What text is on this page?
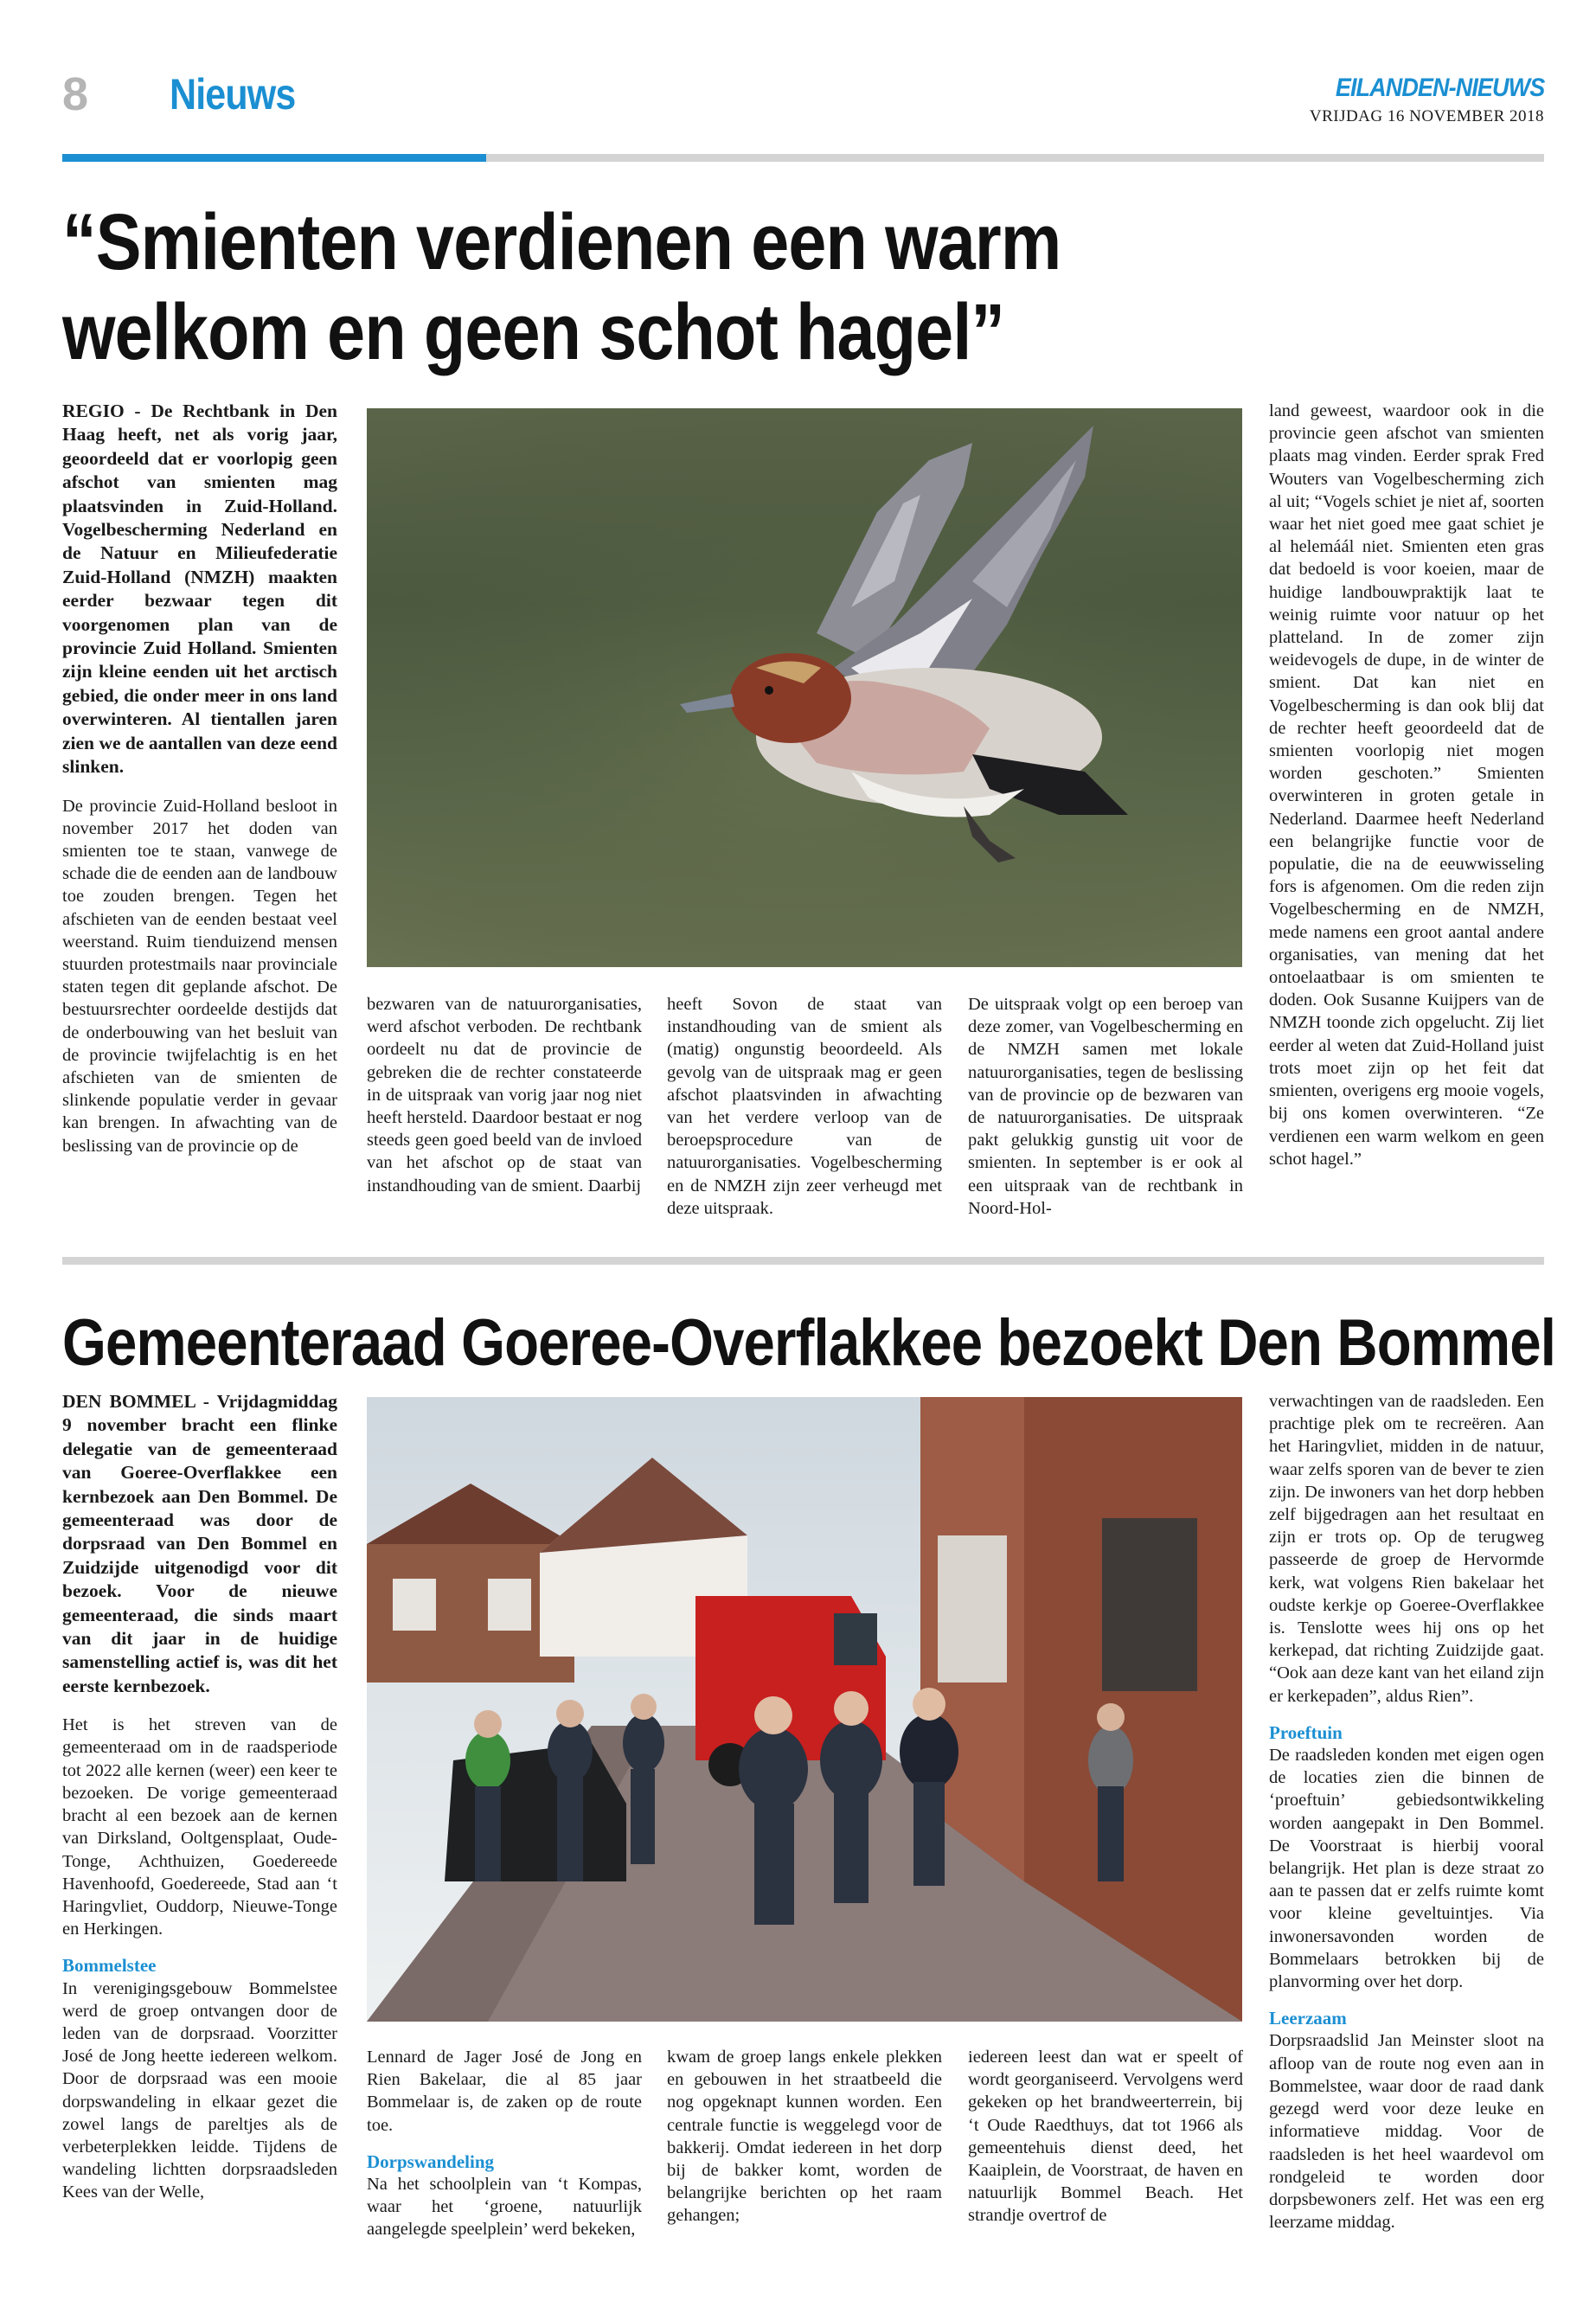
8 Nieuws	EILANDEN-NIEUWS
VRIJDAG 16 NOVEMBER 2018
“Smienten verdienen een warm
welkom en geen schot hagel”

REGIO - De Rechtbank in Den Haag heeft, net als vorig jaar, geoordeeld dat er voorlopig geen afschot van smienten mag plaatsvinden in Zuid-Holland. Vogelbescherming Nederland en de Natuur en Milieufederatie Zuid-Holland (NMZH) maakten eerder bezwaar tegen dit voorgenomen plan van de provincie Zuid Holland. Smienten zijn kleine eenden uit het arctisch gebied, die onder meer in ons land overwinteren. Al tientallen jaren zien we de aantallen van deze eend slinken.

De provincie Zuid-Holland besloot in november 2017 het doden van smienten toe te staan, vanwege de schade die de eenden aan de landbouw toe zouden brengen. Tegen het afschieten van de eenden bestaat veel weerstand. Ruim tienduizend mensen stuurden protestmails naar provinciale staten tegen dit geplande afschot. De bestuursrechter oordeelde destijds dat de onderbouwing van het besluit van de provincie twijfelachtig is en het afschieten van de smienten de slinkende populatie verder in gevaar kan brengen. In afwachting van de beslissing van de provincie op de

bezwaren van de natuurorganisaties, werd afschot verboden. De rechtbank oordeelt nu dat de provincie de gebreken die de rechter constateerde in de uitspraak van vorig jaar nog niet heeft hersteld. Daardoor bestaat er nog steeds geen goed beeld van de invloed van het afschot op de staat van instandhouding van de smient. Daarbij

heeft Sovon de staat van instandhouding van de smient als (matig) ongunstig beoordeeld. Als gevolg van de uitspraak mag er geen afschot plaatsvinden in afwachting van het verdere verloop van de beroepsprocedure van de natuurorganisaties. Vogelbescherming en de NMZH zijn zeer verheugd met deze uitspraak.

De uitspraak volgt op een beroep van deze zomer, van Vogelbescherming en de NMZH samen met lokale natuurorganisaties, tegen de beslissing van de provincie op de bezwaren van de natuurorganisaties. De uitspraak pakt gelukkig gunstig uit voor de smienten. In september is er ook al een uitspraak van de rechtbank in Noord-Hol-

land geweest, waardoor ook in die provincie geen afschot van smienten plaats mag vinden. Eerder sprak Fred Wouters van Vogelbescherming zich al uit; “Vogels schiet je niet af, soorten waar het niet goed mee gaat schiet je al helemáál niet. Smienten eten gras dat bedoeld is voor koeien, maar de huidige landbouwpraktijk laat te weinig ruimte voor natuur op het platteland. In de zomer zijn weidevogels de dupe, in de winter de smient. Dat kan niet en Vogelbescherming is dan ook blij dat de rechter heeft geoordeeld dat de smienten voorlopig niet mogen worden geschoten.” Smienten overwinteren in groten getale in Nederland. Daarmee heeft Nederland een belangrijke functie voor de populatie, die na de eeuwwisseling fors is afgenomen. Om die reden zijn Vogelbescherming en de NMZH, mede namens een groot aantal andere organisaties, van mening dat het ontoelaatbaar is om smienten te doden. Ook Susanne Kuijpers van de NMZH toonde zich opgelucht. Zij liet eerder al weten dat Zuid-Holland juist trots moet zijn op het feit dat smienten, overigens erg mooie vogels, bij ons komen overwinteren. “Ze verdienen een warm welkom en geen schot hagel.”

Gemeenteraad Goeree-Overflakkee bezoekt Den Bommel

DEN BOMMEL - Vrijdagmiddag 9 november bracht een flinke delegatie van de gemeenteraad van Goeree-Overflakkee een kernbezoek aan Den Bommel. De gemeenteraad was door de dorpsraad van Den Bommel en Zuidzijde uitgenodigd voor dit bezoek. Voor de nieuwe gemeenteraad, die sinds maart van dit jaar in de huidige samenstelling actief is, was dit het eerste kernbezoek.

Het is het streven van de gemeenteraad om in de raadsperiode tot 2022 alle kernen (weer) een keer te bezoeken. De vorige gemeenteraad bracht al een bezoek aan de kernen van Dirksland, Ooltgensplaat, Oude-Tonge, Achthuizen, Goedereede Havenhoofd, Goedereede, Stad aan ‘t Haringvliet, Ouddorp, Nieuwe-Tonge en Herkingen.

Bommelstee

In verenigingsgebouw Bommelstee werd de groep ontvangen door de leden van de dorpsraad. Voorzitter José de Jong heette iedereen welkom. Door de dorpsraad was een mooie dorpswandeling in elkaar gezet die zowel langs de pareltjes als de verbeterplekken leidde. Tijdens de wandeling lichtten dorpsraadsleden Kees van der Welle,

Lennard de Jager José de Jong en Rien Bakelaar, die al 85 jaar Bommelaar is, de zaken op de route toe.

Dorpswandeling

Na het schoolplein van ‘t Kompas, waar het ‘groene, natuurlijk aangelegde speelplein’ werd bekeken,

kwam de groep langs enkele plekken en gebouwen in het straatbeeld die nog opgeknapt kunnen worden. Een centrale functie is weggelegd voor de bakkerij. Omdat iedereen in het dorp bij de bakker komt, worden de belangrijke berichten op het raam gehangen;

iedereen leest dan wat er speelt of wordt georganiseerd. Vervolgens werd gekeken op het brandweerterrein, bij ‘t Oude Raedthuys, dat tot 1966 als gemeentehuis dienst deed, het Kaaiplein, de Voorstraat, de haven en natuurlijk Bommel Beach. Het strandje overtrof de

verwachtingen van de raadsleden. Een prachtige plek om te recreëren. Aan het Haringvliet, midden in de natuur, waar zelfs sporen van de bever te zien zijn. De inwoners van het dorp hebben zelf bijgedragen aan het resultaat en zijn er trots op. Op de terugweg passeerde de groep de Hervormde kerk, wat volgens Rien bakelaar het oudste kerkje op Goeree-Overflakkee is. Tenslotte wees hij ons op het kerkepad, dat richting Zuidzijde gaat. “Ook aan deze kant van het eiland zijn er kerkepaden”, aldus Rien”.

Proeftuin

De raadsleden konden met eigen ogen de locaties zien die binnen de ‘proeftuin’ gebiedsontwikkeling worden aangepakt in Den Bommel. De Voorstraat is hierbij vooral belangrijk. Het plan is deze straat zo aan te passen dat er zelfs ruimte komt voor kleine geveltuintjes. Via inwonersavonden worden de Bommelaars betrokken bij de planvorming over het dorp.

Leerzaam

Dorpsraadslid Jan Meinster sloot na afloop van de route nog even aan in Bommelstee, waar door de raad dank gezegd werd voor deze leuke en informatieve middag. Voor de raadsleden is het heel waardevol om rondgeleid te worden door dorpsbewoners zelf. Het was een erg leerzame middag.
